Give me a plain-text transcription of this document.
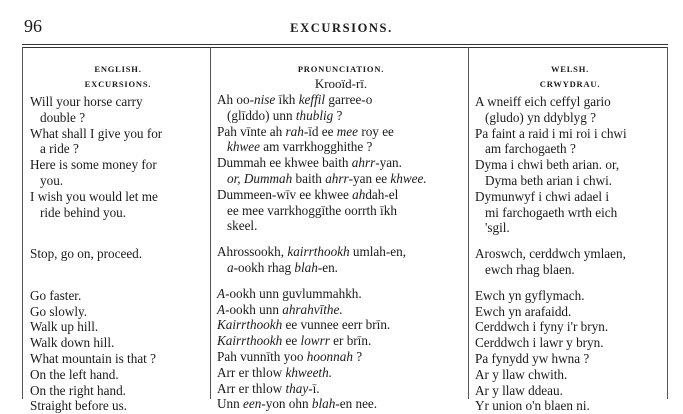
96	EXCURSIONS.
ENGLISH.
EXCURSIONS.
Will your horse carry
double ?
What shall I give you for
a ride ?
Here is some money for
you.
I wish you would let me
ride behind you.
Stop, go on, proceed.
Go faster.
Go slowly.
Walk up hill.
Walk down hill.
What mountain is that ?
On the left hand.
On the right hand.
Straight before us.
PRONUNCIATION.
Krooïd-rī.
Ah oo-nise īkh keffil garree-o
(glīddo) unn thublig ?
Pah vīnte ah rah-īd ee mee roy ee
khwee am varrkhogghithe ?
Dummah ee khwee baith ahrr-yan.
or, Dummah baith ahrr-yan ee khwee.
Dummeen-wīv ee khwee ahdah-el
ee mee varrkhoggīthe oorrth īkh
skeel.
Ahrossookh, kairrthookh umlah-en,
a-ookh rhag blah-en.
A-ookh unn guvlummahkh.
A-ookh unn ahrahvīthe.
Kairrthookh ee vunnee eerr brīn.
Kairrthookh ee lowrr er brīn.
Pah vunnīth yoo hoonnah ?
Arr er thlow khweeth.
Arr er thlow thay-ī.
Unn een-yon ohn blah-en nee.
WELSH.
CRWYDRAU.
A wneiff eich ceffyl gario
(gludo) yn ddyblyg ?
Pa faint a raid i mi roi i chwi
am farchogaeth ?
Dyma i chwi beth arian. or,
Dyma beth arian i chwi.
Dymunwyf i chwi adael i
mi farchogaeth wrth eich
'sgil.
Aroswch, cerddwch ymlaen,
ewch rhag blaen.
Ewch yn gyflymach.
Ewch yn arafaidd.
Cerddwch i fyny i'r bryn.
Cerddwch i lawr y bryn.
Pa fynydd yw hwna ?
Ar y llaw chwith.
Ar y llaw ddeau.
Yr union o'n blaen ni.
